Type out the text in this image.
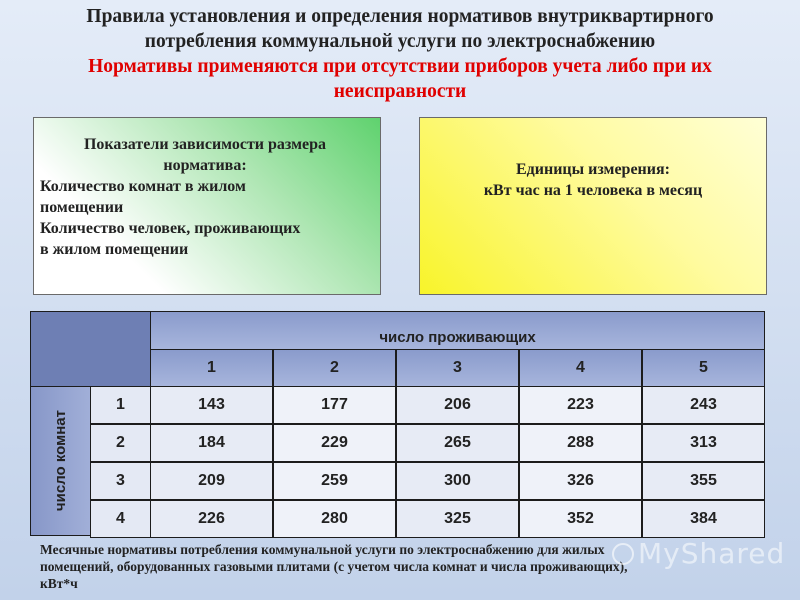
Правила установления и определения нормативов внутриквартирного
потребления коммунальной услуги по электроснабжению
Нормативы применяются при отсутствии приборов учета либо при их
неисправности
Показатели зависимости размера
норматива:
Количество комнат в жилом
помещении
Количество человек, проживающих
в жилом помещении
Единицы измерения:
кВт час на 1 человека в месяц
число проживающих
число комнат
1	2	3	4	5
1	143	177	206	223	243
2	184	229	265	288	313
3	209	259	300	326	355
4	226	280	325	352	384
Месячные нормативы потребления коммунальной услуги по электроснабжению для жилых
помещений, оборудованных газовыми плитами (с учетом числа комнат и числа проживающих),
кВт*ч
MyShared
